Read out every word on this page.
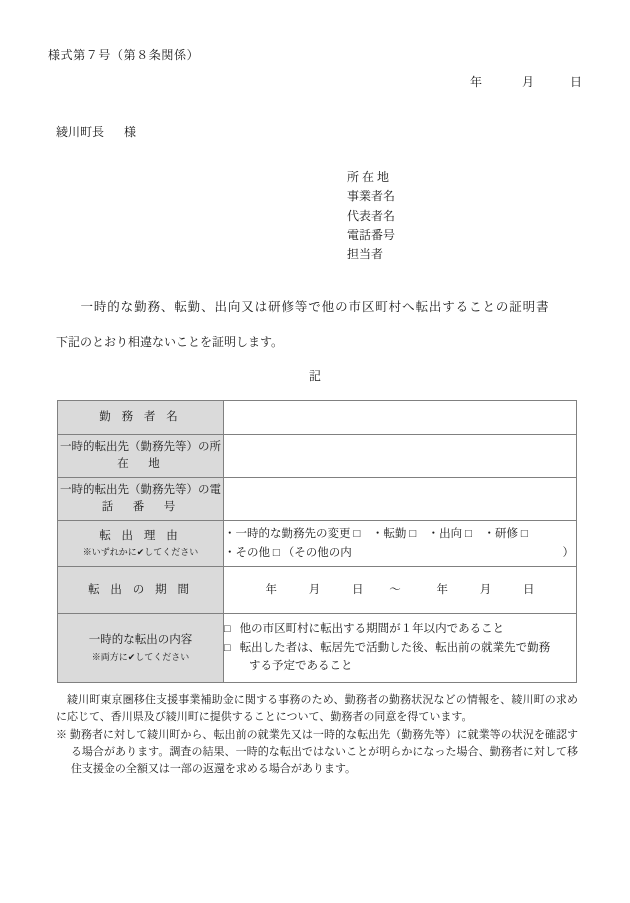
様式第７号（第８条関係）
年	月	日
綾川町長 様
所 在 地
事業者名
代表者名
電話番号
担当者
一時的な勤務、転勤、出向又は研修等で他の市区町村へ転出することの証明書
下記のとおり相違ないことを証明します。
記
勤 務 者 名	

一時的転出先（勤務先等）の所
在　地	

一時的転出先（勤務先等）の電
話　番　号	

転 出 理 由
※いずれかに✔してください

・一時的な勤務先の変更 □　・転勤 □　・出向 □　・研修 □
・その他 □ （その他の内	）

転 出 の 期 間	年 月 日 ～ 年 月 日

一時的な転出の内容
※両方に✔してください

□ 他の市区町村に転出する期間が１年以内であること
□ 転出した者は、転居先で活動した後、転出前の就業先で勤務
する予定であること

綾川町東京圏移住支援事業補助金に関する事務のため、勤務者の勤務状況などの情報を、綾川町の求めに応じて、香川県及び綾川町に提供することについて、勤務者の同意を得ています。

※ 勤務者に対して綾川町から、転出前の就業先又は一時的な転出先（勤務先等）に就業等の状況を確認する場合があります。調査の結果、一時的な転出ではないことが明らかになった場合、勤務者に対して移住支援金の全額又は一部の返還を求める場合があります。
